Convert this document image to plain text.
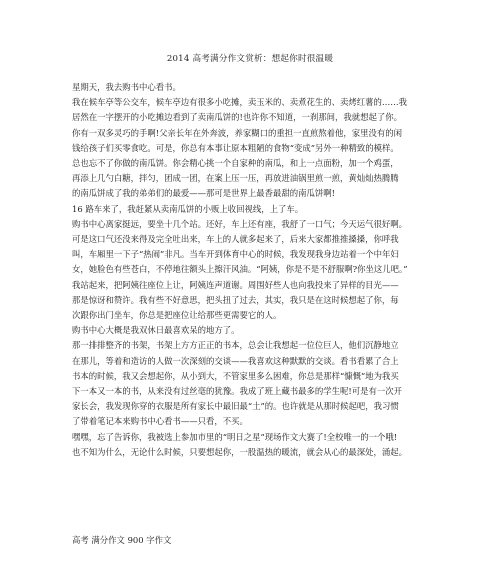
2014 高考满分作文赏析：想起你时很温暖

星期天，我去购书中心看书。

我在候车亭等公交车，候车亭边有很多小吃摊，卖玉米的、卖煮花生的、卖烤红薯的……我

居然在一字摆开的小吃摊边看到了卖南瓜饼的!也许你不知道，一刹那间，我就想起了你。

你有一双多灵巧的手啊!父亲长年在外奔波，养家糊口的重担一直煎熬着他，家里没有的闲

钱给孩子们买零食吃。可是，你总有本事让原本粗陋的食物“变成”另外一种精致的模样。

总也忘不了你做的南瓜饼。你会精心挑一个自家种的南瓜，和上一点面粉，加一个鸡蛋，

再添上几勺白糖，拌匀，团成一团，在案上压一压，再放进油锅里煎一煎，黄灿灿热腾腾

的南瓜饼成了我的弟弟们的最爱——那可是世界上最香最甜的南瓜饼啊!

16 路车来了，我赶紧从卖南瓜饼的小贩上收回视线，上了车。

购书中心离家挺远，要坐十几个站。还好，车上还有座，我舒了一口气；今天运气很好啊。

可是这口气还没来得及完全吐出来，车上的人就多起来了，后来大家都推推搡搡，你呼我

叫，车厢里一下子“热闹”非凡。当车开到体育中心的时候，我发现我身边站着一个中年妇

女，她脸色有些苍白，不停地往额头上擦汗风油。“阿姨，你是不是不舒服啊?你坐这儿吧。”

我站起来，把阿姨往座位上让，阿姨连声道谢。周围好些人也向我投来了异样的目光——

那是惊讶和赞许。我有些不好意思，把头扭了过去，其实，我只是在这时候想起了你，每

次跟你出门坐车，你总是把座位让给那些更需要它的人。

购书中心大概是我双休日最喜欢呆的地方了。

那一排排整齐的书架，书架上方方正正的书本，总会让我想起一位位巨人，他们沉静地立

在那儿，等着和造访的人做一次深刻的交谈——我喜欢这种默默的交谈。看书看累了合上

书本的时候，我又会想起你，从小到大，不管家里多么困难，你总是那样“慷慨”地为我买

下一本又一本的书，从来没有过丝毫的犹豫。我成了班上藏书最多的学生呢!可是有一次开

家长会，我发现你穿的衣服是所有家长中最旧最“土”的。也许就是从那时候起吧，我习惯

了带着笔记本来购书中心看书——只看，不买。

嘿嘿，忘了告诉你，我被选上参加市里的“明日之星”现场作文大赛了!全校唯一的一个哦!

也不知为什么，无论什么时候，只要想起你，一股温热的暖流，就会从心的最深处，涌起。

高考 满分作文 900 字作文
